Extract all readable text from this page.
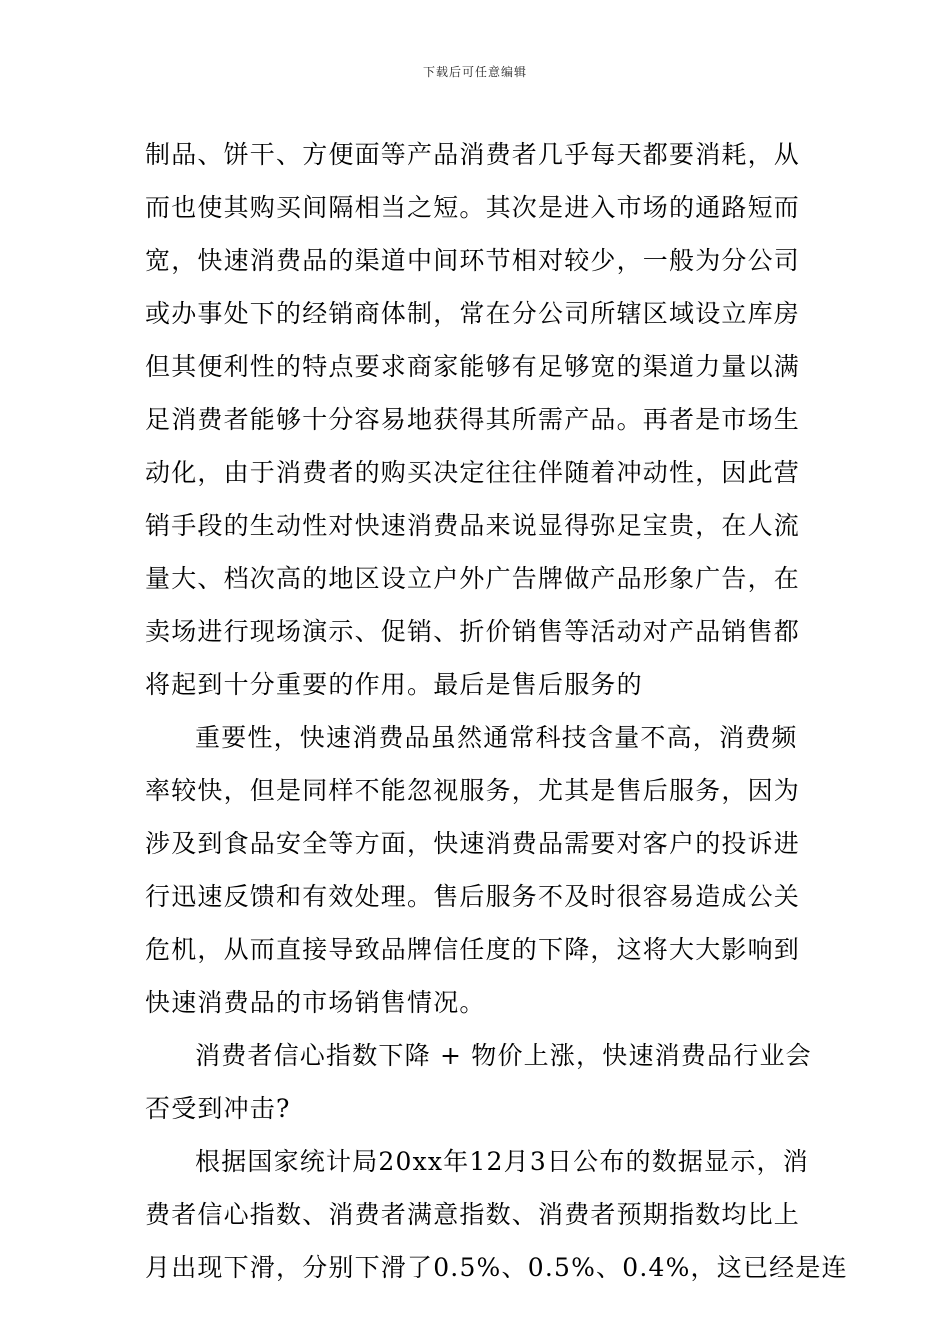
下载后可任意编辑
制品、饼干、方便面等产品消费者几乎每天都要消耗，从
而也使其购买间隔相当之短。其次是进入市场的通路短而
宽，快速消费品的渠道中间环节相对较少，一般为分公司
或办事处下的经销商体制，常在分公司所辖区域设立库房
但其便利性的特点要求商家能够有足够宽的渠道力量以满
足消费者能够十分容易地获得其所需产品。再者是市场生
动化，由于消费者的购买决定往往伴随着冲动性，因此营
销手段的生动性对快速消费品来说显得弥足宝贵，在人流
量大、档次高的地区设立户外广告牌做产品形象广告，在
卖场进行现场演示、促销、折价销售等活动对产品销售都
将起到十分重要的作用。最后是售后服务的
重要性，快速消费品虽然通常科技含量不高，消费频
率较快，但是同样不能忽视服务，尤其是售后服务，因为
涉及到食品安全等方面，快速消费品需要对客户的投诉进
行迅速反馈和有效处理。售后服务不及时很容易造成公关
危机，从而直接导致品牌信任度的下降，这将大大影响到
快速消费品的市场销售情况。
消费者信心指数下降 + 物价上涨，快速消费品行业会
否受到冲击?
根据国家统计局20xx年12月3日公布的数据显示，消
费者信心指数、消费者满意指数、消费者预期指数均比上
月出现下滑，分别下滑了0.5%、0.5%、0.4%，这已经是连
